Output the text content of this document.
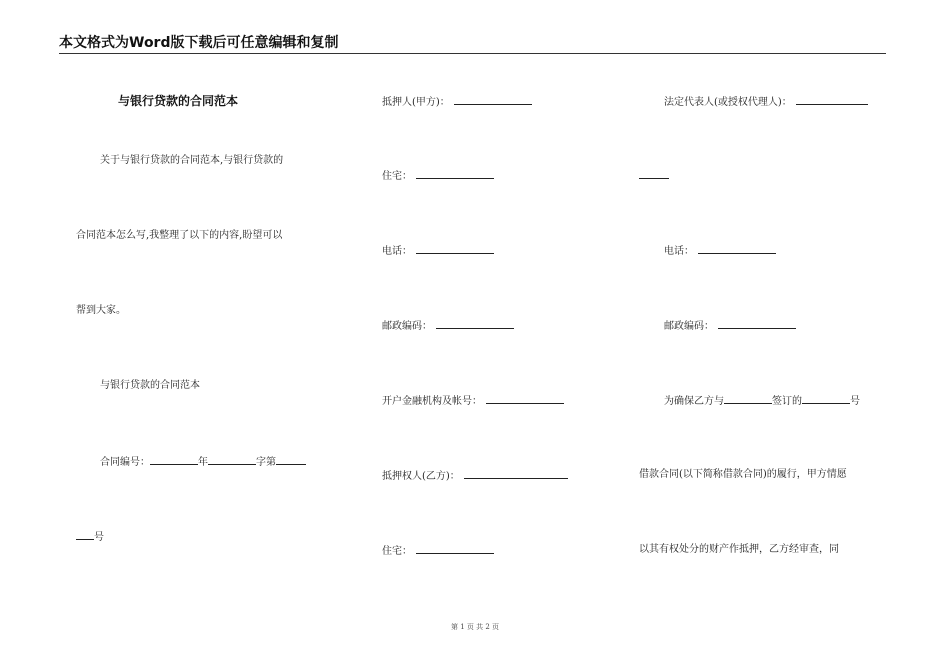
本文格式为Word版下载后可任意编辑和复制
与银行贷款的合同范本
关于与银行贷款的合同范本,与银行贷款的
合同范本怎么写,我整理了以下的内容,盼望可以
帮到大家。
与银行贷款的合同范本
合同编号：	年	字第
号
抵押人(甲方)：
住宅：
电话：
邮政编码：
开户金融机构及帐号：
抵押权人(乙方)：
住宅：
法定代表人(或授权代理人)：
电话：
邮政编码：
为确保乙方与	签订的	号
借款合同(以下简称借款合同)的履行，甲方情愿
以其有权处分的财产作抵押，乙方经审查，同
第 1 页 共 2 页
